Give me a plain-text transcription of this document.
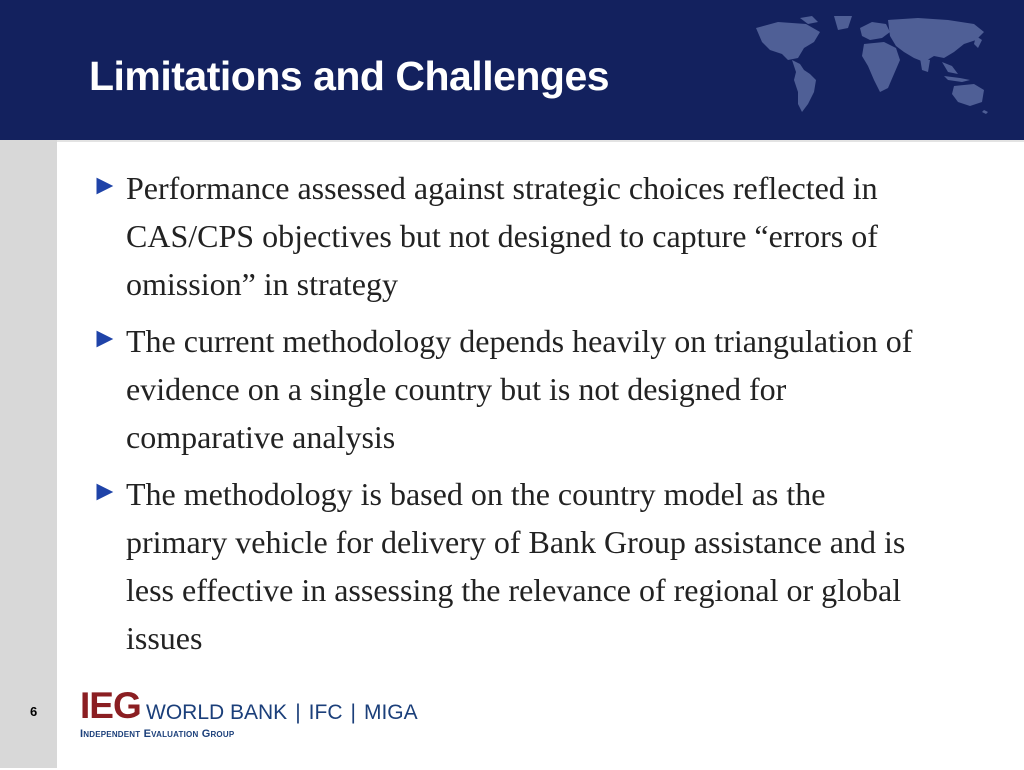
Limitations and Challenges
► Performance assessed against strategic choices reflected in CAS/CPS objectives but not designed to capture “errors of omission” in strategy
► The current methodology depends heavily on triangulation of evidence on a single country but is not designed for comparative analysis
► The methodology is based on the country model as the primary vehicle for delivery of Bank Group assistance and is less effective in assessing the relevance of regional or global issues
6 IEG WORLD BANK | IFC | MIGA
Independent Evaluation Group
